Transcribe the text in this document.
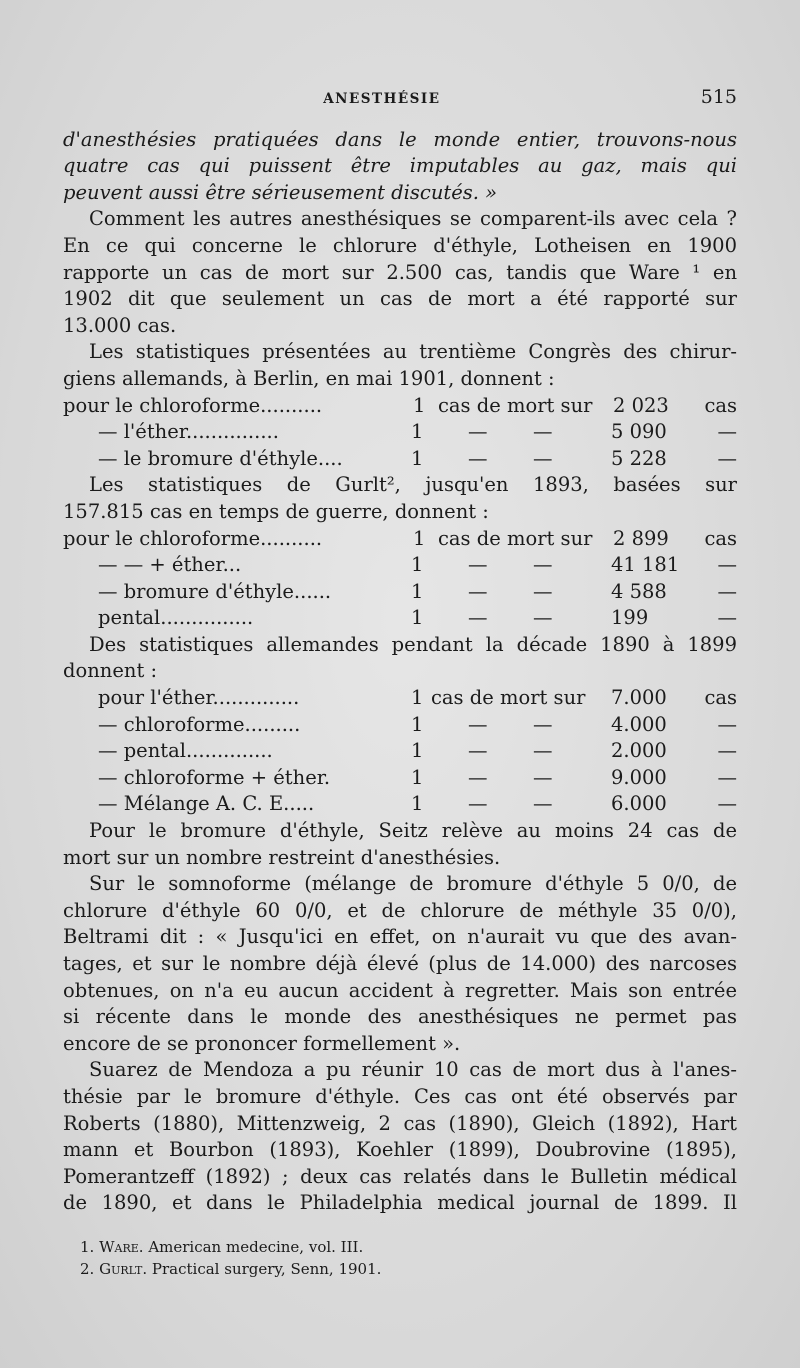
ANESTHÉSIE	515
d'anesthésies pratiquées dans le monde entier, trouvons-nous
quatre cas qui puissent être imputables au gaz, mais qui
peuvent aussi être sérieusement discutés. »
Comment les autres anesthésiques se comparent-ils avec cela ?
En ce qui concerne le chlorure d'éthyle, Lotheisen en 1900
rapporte un cas de mort sur 2.500 cas, tandis que Ware ¹ en
1902 dit que seulement un cas de mort a été rapporté sur
13.000 cas.
Les statistiques présentées au trentième Congrès des chirur-
giens allemands, à Berlin, en mai 1901, donnent :
pour le chloroforme..........	1 cas de mort sur 2 023 cas
— l'éther...............	1 — —	5 090	—
— le bromure d'éthyle....	1 — —	5 228	—
Les statistiques de Gurlt², jusqu'en 1893, basées sur
157.815 cas en temps de guerre, donnent :
pour le chloroforme..........	1 cas de mort sur 2 899 cas
— — + éther...	1 — —	41 181 —
— bromure d'éthyle......	1 — —	4 588	—
pental...............	1 — —	199	—
Des statistiques allemandes pendant la décade 1890 à 1899
donnent :
pour l'éther..............	1 cas de mort sur 7.000 cas
— chloroforme.........	1 — —	4.000	—
— pental..............	1 — —	2.000	—
— chloroforme + éther.	1 — —	9.000	—
— Mélange A. C. E.....	1 — —	6.000	—
Pour le bromure d'éthyle, Seitz relève au moins 24 cas de
mort sur un nombre restreint d'anesthésies.
Sur le somnoforme (mélange de bromure d'éthyle 5 0/0, de
chlorure d'éthyle 60 0/0, et de chlorure de méthyle 35 0/0),
Beltrami dit : « Jusqu'ici en effet, on n'aurait vu que des avan-
tages, et sur le nombre déjà élevé (plus de 14.000) des narcoses
obtenues, on n'a eu aucun accident à regretter. Mais son entrée
si récente dans le monde des anesthésiques ne permet pas
encore de se prononcer formellement ».
Suarez de Mendoza a pu réunir 10 cas de mort dus à l'anes-
thésie par le bromure d'éthyle. Ces cas ont été observés par
Roberts (1880), Mittenzweig, 2 cas (1890), Gleich (1892), Hart
mann et Bourbon (1893), Koehler (1899), Doubrovine (1895),
Pomerantzeff (1892) ; deux cas relatés dans le Bulletin médical
de 1890, et dans le Philadelphia medical journal de 1899. Il
1. Ware. American medecine, vol. III.
2. Gurlt. Practical surgery, Senn, 1901.
